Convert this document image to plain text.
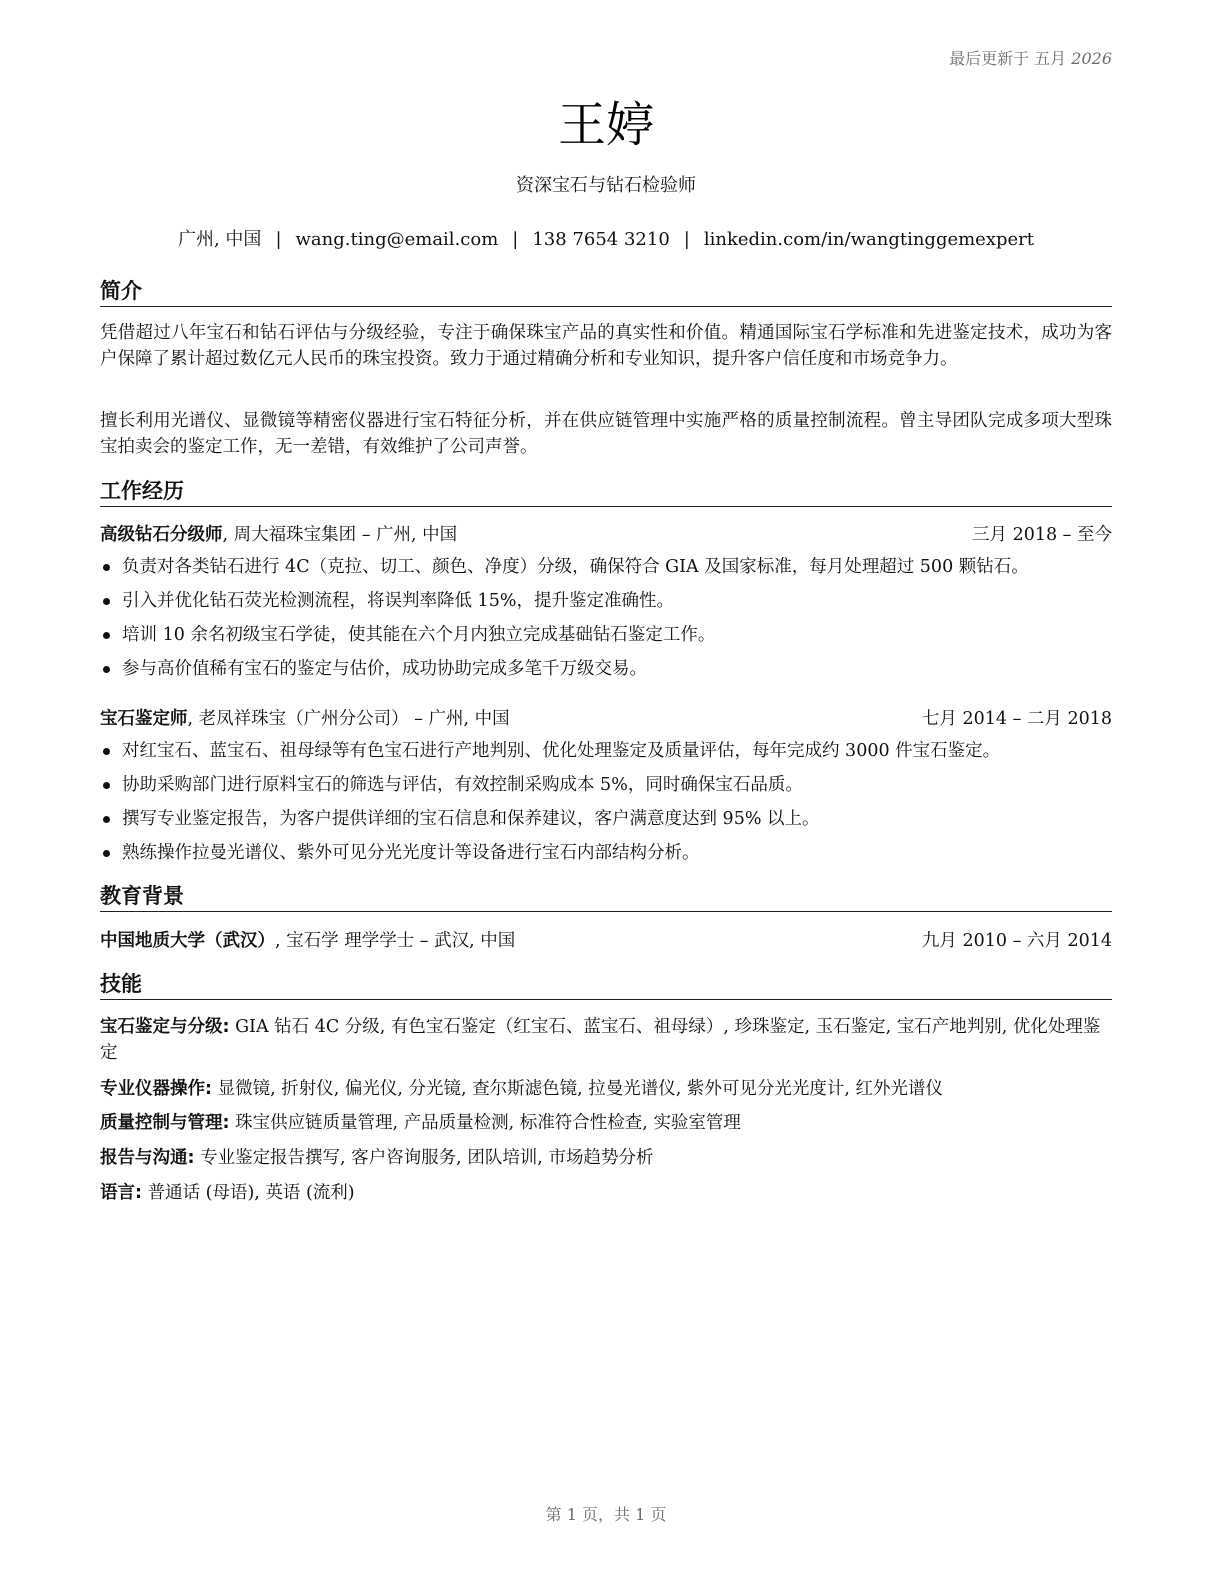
最后更新于 五月 2026
王婷
资深宝石与钻石检验师
广州, 中国 | wang.ting@email.com | 138 7654 3210 | linkedin.com/in/wangtinggemexpert
简介
凭借超过八年宝石和钻石评估与分级经验，专注于确保珠宝产品的真实性和价值。精通国际宝石学标准和先进鉴定技术，成功为客户保障了累计超过数亿元人民币的珠宝投资。致力于通过精确分析和专业知识，提升客户信任度和市场竞争力。
擅长利用光谱仪、显微镜等精密仪器进行宝石特征分析，并在供应链管理中实施严格的质量控制流程。曾主导团队完成多项大型珠宝拍卖会的鉴定工作，无一差错，有效维护了公司声誉。
工作经历
高级钻石分级师, 周大福珠宝集团 – 广州, 中国	三月 2018 – 至今
负责对各类钻石进行 4C（克拉、切工、颜色、净度）分级，确保符合 GIA 及国家标准，每月处理超过 500 颗钻石。
引入并优化钻石荧光检测流程，将误判率降低 15%，提升鉴定准确性。
培训 10 余名初级宝石学徒，使其能在六个月内独立完成基础钻石鉴定工作。
参与高价值稀有宝石的鉴定与估价，成功协助完成多笔千万级交易。
宝石鉴定师, 老凤祥珠宝（广州分公司） – 广州, 中国	七月 2014 – 二月 2018
对红宝石、蓝宝石、祖母绿等有色宝石进行产地判别、优化处理鉴定及质量评估，每年完成约 3000 件宝石鉴定。
协助采购部门进行原料宝石的筛选与评估，有效控制采购成本 5%，同时确保宝石品质。
撰写专业鉴定报告，为客户提供详细的宝石信息和保养建议，客户满意度达到 95% 以上。
熟练操作拉曼光谱仪、紫外可见分光光度计等设备进行宝石内部结构分析。
教育背景
中国地质大学（武汉）, 宝石学 理学学士 – 武汉, 中国	九月 2010 – 六月 2014
技能
宝石鉴定与分级: GIA 钻石 4C 分级, 有色宝石鉴定（红宝石、蓝宝石、祖母绿）, 珍珠鉴定, 玉石鉴定, 宝石产地判别, 优化处理鉴定
专业仪器操作: 显微镜, 折射仪, 偏光仪, 分光镜, 查尔斯滤色镜, 拉曼光谱仪, 紫外可见分光光度计, 红外光谱仪
质量控制与管理: 珠宝供应链质量管理, 产品质量检测, 标准符合性检查, 实验室管理
报告与沟通: 专业鉴定报告撰写, 客户咨询服务, 团队培训, 市场趋势分析
语言: 普通话 (母语), 英语 (流利)
第 1 页，共 1 页
